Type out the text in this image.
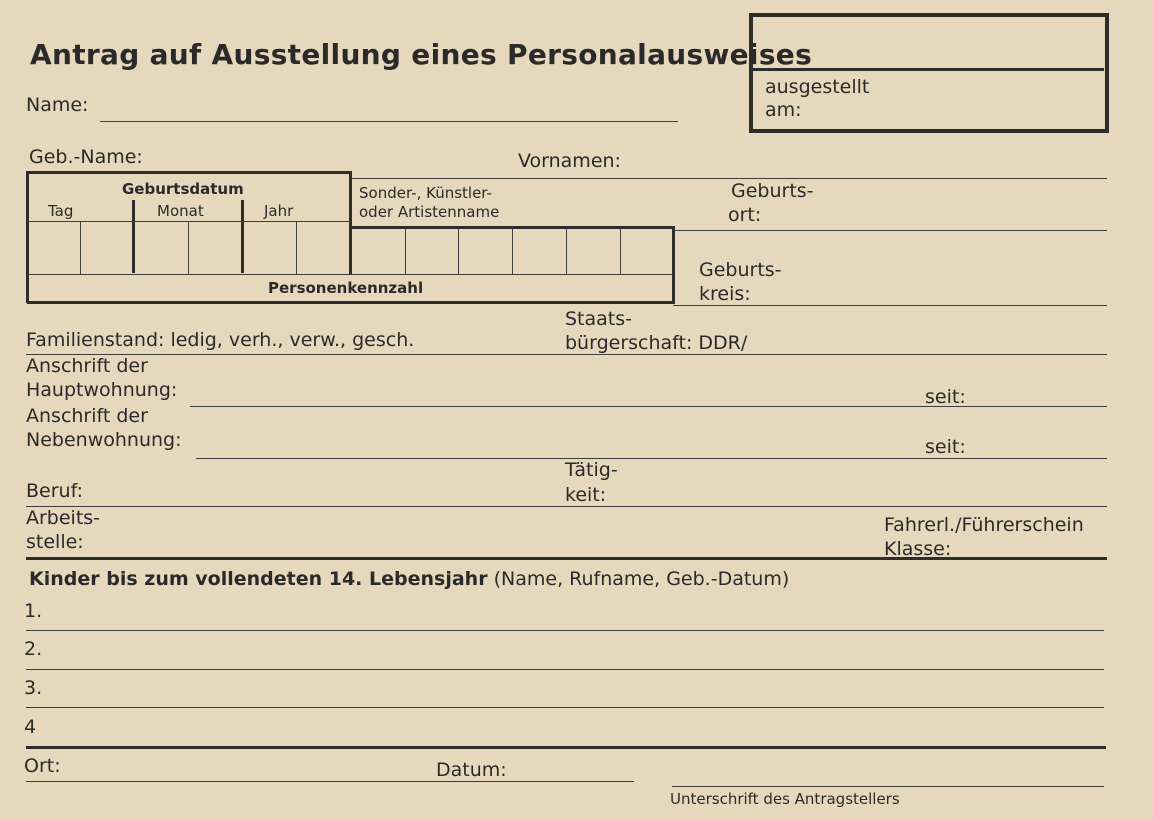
Antrag auf Ausstellung eines Personalausweises
ausgestellt
am:
Name:
Geb.-Name:	Vornamen:
Geburtsdatum
Tag	Monat	Jahr
Sonder-, Künstler-
oder Artistenname
Personenkennzahl
Geburts-
ort:
Geburts-
kreis:
Familienstand: ledig, verh., verw., gesch.
Staats-
bürgerschaft: DDR/
Anschrift der
Hauptwohnung:	seit:
Anschrift der
Nebenwohnung:	seit:
Beruf:
Tätig-
keit:
Arbeits-
stelle:
Fahrerl./Führerschein
Klasse:
Kinder bis zum vollendeten 14. Lebensjahr (Name, Rufname, Geb.-Datum)
1.
2.
3.
4
Ort:	Datum:
Unterschrift des Antragstellers
